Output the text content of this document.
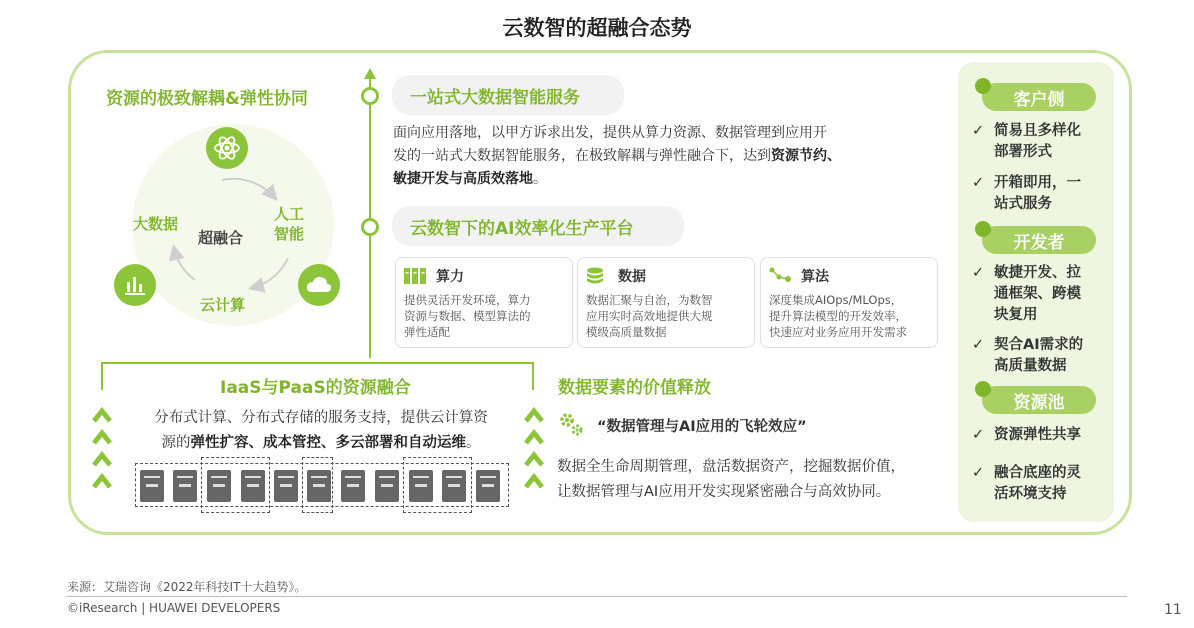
云数智的超融合态势
资源的极致解耦&弹性协同
大数据
人工
智能
云计算
超融合
一站式大数据智能服务
面向应用落地，以甲方诉求出发，提供从算力资源、数据管理到应用开
发的一站式大数据智能服务，在极致解耦与弹性融合下，达到资源节约、
敏捷开发与高质效落地。
云数智下的AI效率化生产平台
算力
提供灵活开发环境，算力
资源与数据、模型算法的
弹性适配
数据
数据汇聚与自治，为数智
应用实时高效地提供大规
模级高质量数据
算法
深度集成AIOps/MLOps，
提升算法模型的开发效率，
快速应对业务应用开发需求
IaaS与PaaS的资源融合
分布式计算、分布式存储的服务支持，提供云计算资
源的弹性扩容、成本管控、多云部署和自动运维。
数据要素的价值释放
“数据管理与AI应用的飞轮效应”
数据全生命周期管理，盘活数据资产，挖掘数据价值，
让数据管理与AI应用开发实现紧密融合与高效协同。
客户侧
✓ 简易且多样化
部署形式
✓ 开箱即用，一
站式服务
开发者
✓ 敏捷开发、拉
通框架、跨模
块复用
✓ 契合AI需求的
高质量数据
资源池
✓ 资源弹性共享
✓ 融合底座的灵
活环境支持
来源：艾瑞咨询《2022年科技IT十大趋势》。
©iResearch | HUAWEI DEVELOPERS	11
